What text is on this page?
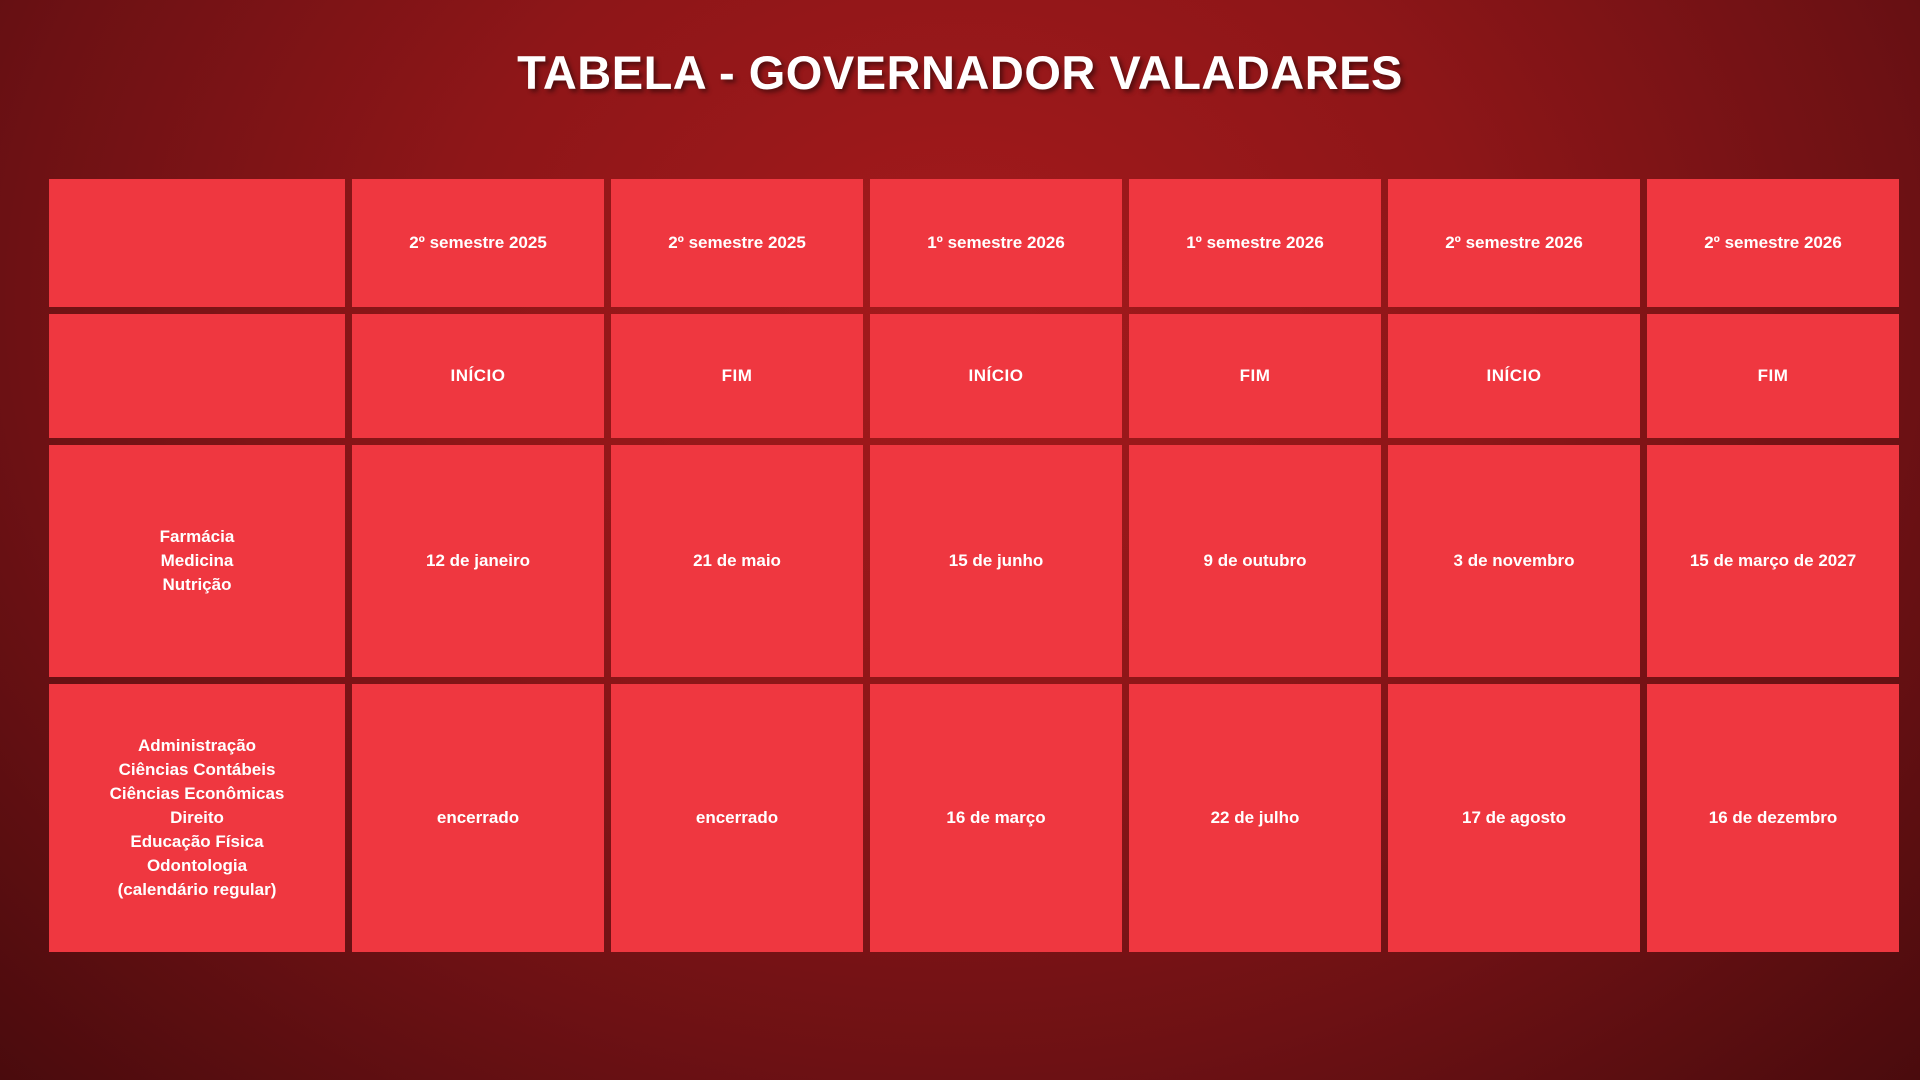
TABELA - GOVERNADOR VALADARES
	2º semestre 2025	2º semestre 2025	1º semestre 2026	1º semestre 2026	2º semestre 2026	2º semestre 2026
	INÍCIO	FIM	INÍCIO	FIM	INÍCIO	FIM

Farmácia
Medicina
Nutrição	12 de janeiro	21 de maio	15 de junho	9 de outubro	3 de novembro	15 de março de 2027

Administração
Ciências Contábeis
Ciências Econômicas
Direito
Educação Física
Odontologia
(calendário regular)
	encerrado	encerrado	16 de março	22 de julho	17 de agosto	16 de dezembro
